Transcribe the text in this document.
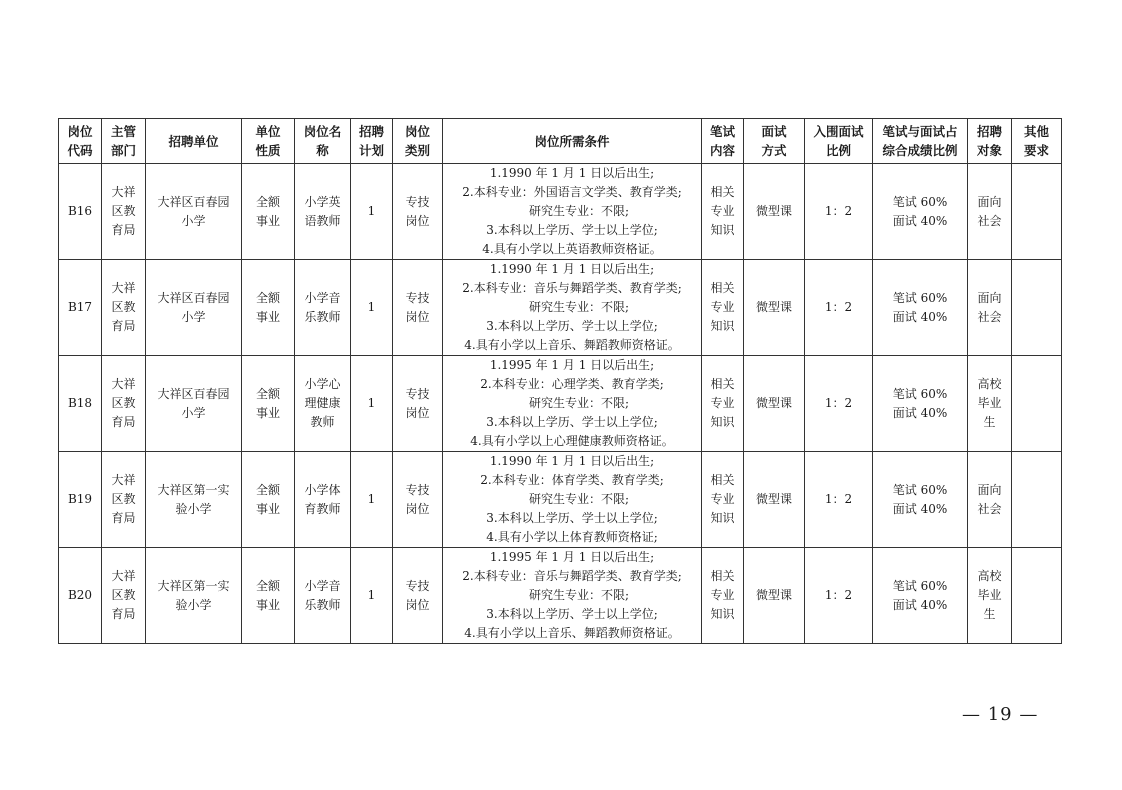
岗位代码	主管部门	招聘单位	单位性质	岗位名称	招聘计划	岗位类别	岗位所需条件	笔试内容	面试方式	入围面试比例	笔试与面试占综合成绩比例	招聘对象	其他要求

B16	大祥区教育局	大祥区百春园小学	全额事业	小学英语教师	1	专技岗位	1.1990 年 1 月 1 日以后出生;
2.本科专业：外国语言文学类、教育学类;
研究生专业：不限;
3.本科以上学历、学士以上学位;
4.具有小学以上英语教师资格证。	相关专业知识	微型课	1：2	笔试 60%
面试 40%	面向社会	

B17	大祥区教育局	大祥区百春园小学	全额事业	小学音乐教师	1	专技岗位	1.1990 年 1 月 1 日以后出生;
2.本科专业：音乐与舞蹈学类、教育学类;
研究生专业：不限;
3.本科以上学历、学士以上学位;
4.具有小学以上音乐、舞蹈教师资格证。	相关专业知识	微型课	1：2	笔试 60%
面试 40%	面向社会	

B18	大祥区教育局	大祥区百春园小学	全额事业	小学心理健康教师	1	专技岗位	1.1995 年 1 月 1 日以后出生;
2.本科专业：心理学类、教育学类;
研究生专业：不限;
3.本科以上学历、学士以上学位;
4.具有小学以上心理健康教师资格证。	相关专业知识	微型课	1：2	笔试 60%
面试 40%	高校毕业生	

B19	大祥区教育局	大祥区第一实验小学	全额事业	小学体育教师	1	专技岗位	1.1990 年 1 月 1 日以后出生;
2.本科专业：体育学类、教育学类;
研究生专业：不限;
3.本科以上学历、学士以上学位;
4.具有小学以上体育教师资格证;	相关专业知识	微型课	1：2	笔试 60%
面试 40%	面向社会	

B20	大祥区教育局	大祥区第一实验小学	全额事业	小学音乐教师	1	专技岗位	1.1995 年 1 月 1 日以后出生;
2.本科专业：音乐与舞蹈学类、教育学类;
研究生专业：不限;
3.本科以上学历、学士以上学位;
4.具有小学以上音乐、舞蹈教师资格证。	相关专业知识	微型课	1：2	笔试 60%
面试 40%	高校毕业生	

— 19 —
